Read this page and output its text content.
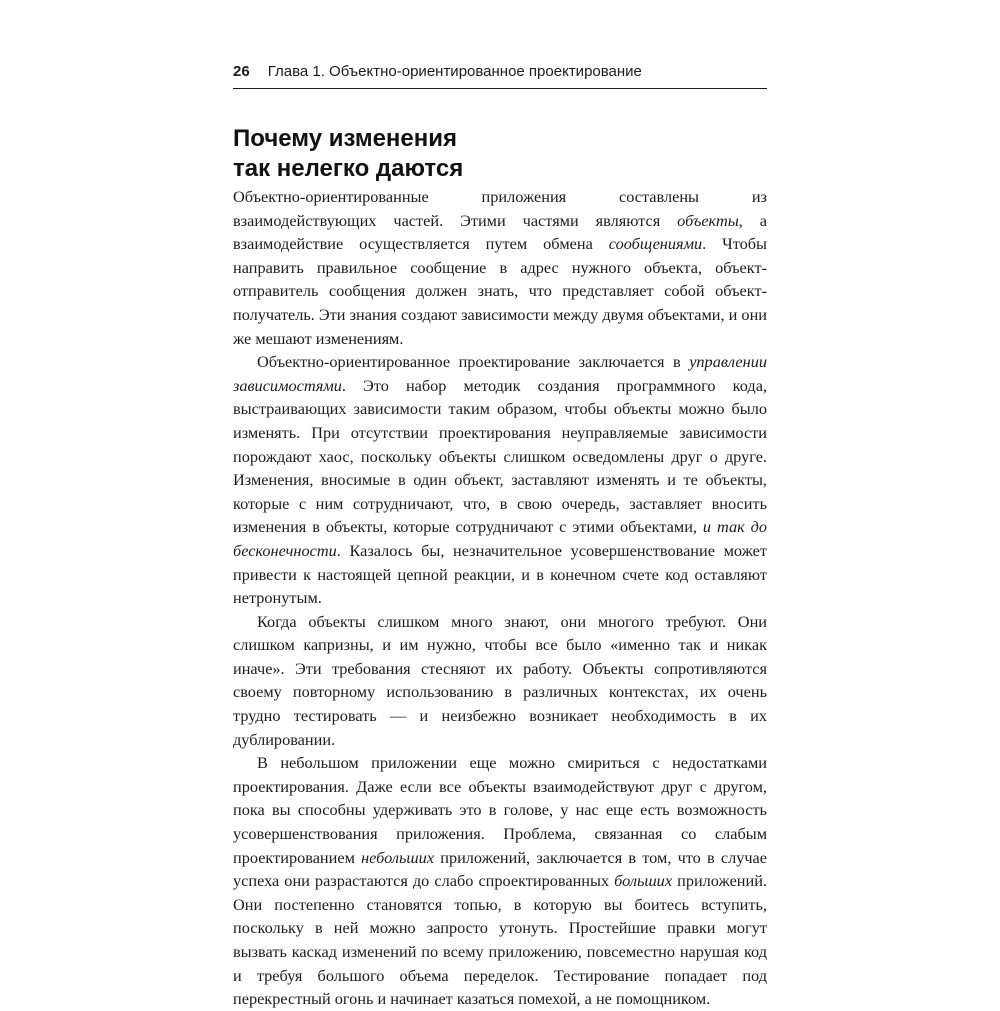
26 Глава 1. Объектно-ориентированное проектирование
Почему изменения
так нелегко даются

Объектно-ориентированные приложения составлены из взаимодействующих частей. Этими частями являются объекты, а взаимодействие осуществляется путем обмена сообщениями. Чтобы направить правильное сообщение в адрес нужного объекта, объект-отправитель сообщения должен знать, что представляет собой объект-получатель. Эти знания создают зависимости между двумя объектами, и они же мешают изменениям.

Объектно-ориентированное проектирование заключается в управлении зависимостями. Это набор методик создания программного кода, выстраивающих зависимости таким образом, чтобы объекты можно было изменять. При отсутствии проектирования неуправляемые зависимости порождают хаос, поскольку объекты слишком осведомлены друг о друге. Изменения, вносимые в один объект, заставляют изменять и те объекты, которые с ним сотрудничают, что, в свою очередь, заставляет вносить изменения в объекты, которые сотрудничают с этими объектами, и так до бесконечности. Казалось бы, незначительное усовершенствование может привести к настоящей цепной реакции, и в конечном счете код оставляют нетронутым.

Когда объекты слишком много знают, они многого требуют. Они слишком капризны, и им нужно, чтобы все было «именно так и никак иначе». Эти требования стесняют их работу. Объекты сопротивляются своему повторному использованию в различных контекстах, их очень трудно тестировать — и неизбежно возникает необходимость в их дублировании.

В небольшом приложении еще можно смириться с недостатками проектирования. Даже если все объекты взаимодействуют друг с другом, пока вы способны удерживать это в голове, у нас еще есть возможность усовершенствования приложения. Проблема, связанная со слабым проектированием небольших приложений, заключается в том, что в случае успеха они разрастаются до слабо спроектированных больших приложений. Они постепенно становятся топью, в которую вы боитесь вступить, поскольку в ней можно запросто утонуть. Простейшие правки могут вызвать каскад изменений по всему приложению, повсеместно нарушая код и требуя большого объема переделок. Тестирование попадает под перекрестный огонь и начинает казаться помехой, а не помощником.
